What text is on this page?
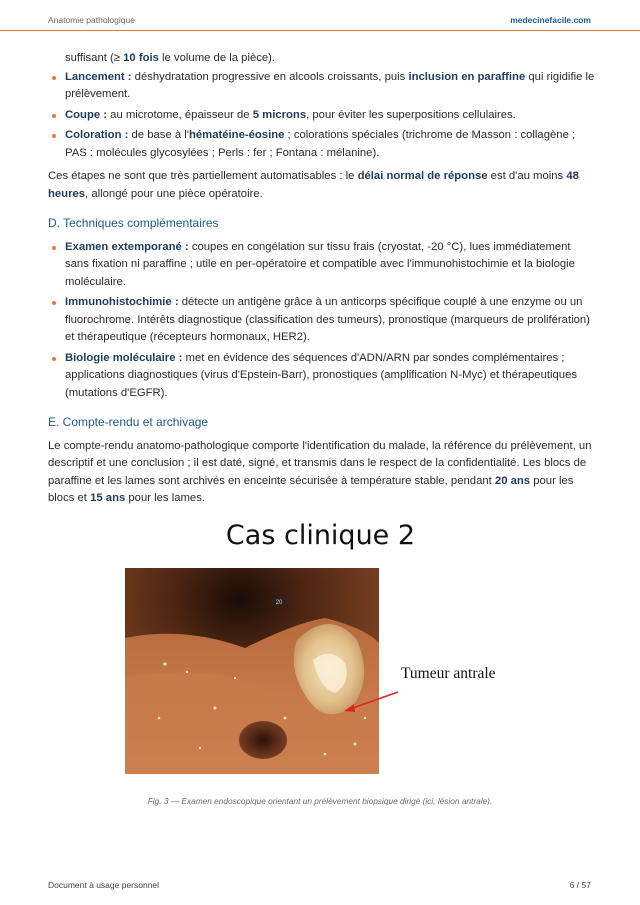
Anatomie pathologique	medecinefacile.com

suffisant (≥ 10 fois le volume de la pièce).

Lancement : déshydratation progressive en alcools croissants, puis inclusion en paraffine qui rigidifie le prélèvement.
Coupe : au microtome, épaisseur de 5 microns, pour éviter les superpositions cellulaires.
Coloration : de base à l'hématéine-éosine ; colorations spéciales (trichrome de Masson : collagène ; PAS : molécules glycosylées ; Perls : fer ; Fontana : mélanine).

Ces étapes ne sont que très partiellement automatisables : le délai normal de réponse est d'au moins 48 heures, allongé pour une pièce opératoire.

D. Techniques complémentaires
Examen extemporané : coupes en congélation sur tissu frais (cryostat, -20 °C), lues immédiatement sans fixation ni paraffine ; utile en per-opératoire et compatible avec l'immunohistochimie et la biologie moléculaire.
Immunohistochimie : détecte un antigène grâce à un anticorps spécifique couplé à une enzyme ou un fluorochrome. Intérêts diagnostique (classification des tumeurs), pronostique (marqueurs de prolifération) et thérapeutique (récepteurs hormonaux, HER2).
Biologie moléculaire : met en évidence des séquences d'ADN/ARN par sondes complémentaires ; applications diagnostiques (virus d'Epstein-Barr), pronostiques (amplification N-Myc) et thérapeutiques (mutations d'EGFR).
E. Compte-rendu et archivage

Le compte-rendu anatomo-pathologique comporte l'identification du malade, la référence du prélèvement, un descriptif et une conclusion ; il est daté, signé, et transmis dans le respect de la confidentialité. Les blocs de paraffine et les lames sont archivés en enceinte sécurisée à température stable, pendant 20 ans pour les blocs et 15 ans pour les lames.

Cas clinique 2
20
Tumeur antrale
Fig. 3 — Examen endoscopique orientant un prélèvement biopsique dirigé (ici, lésion antrale).
Document à usage personnel	6 / 57
